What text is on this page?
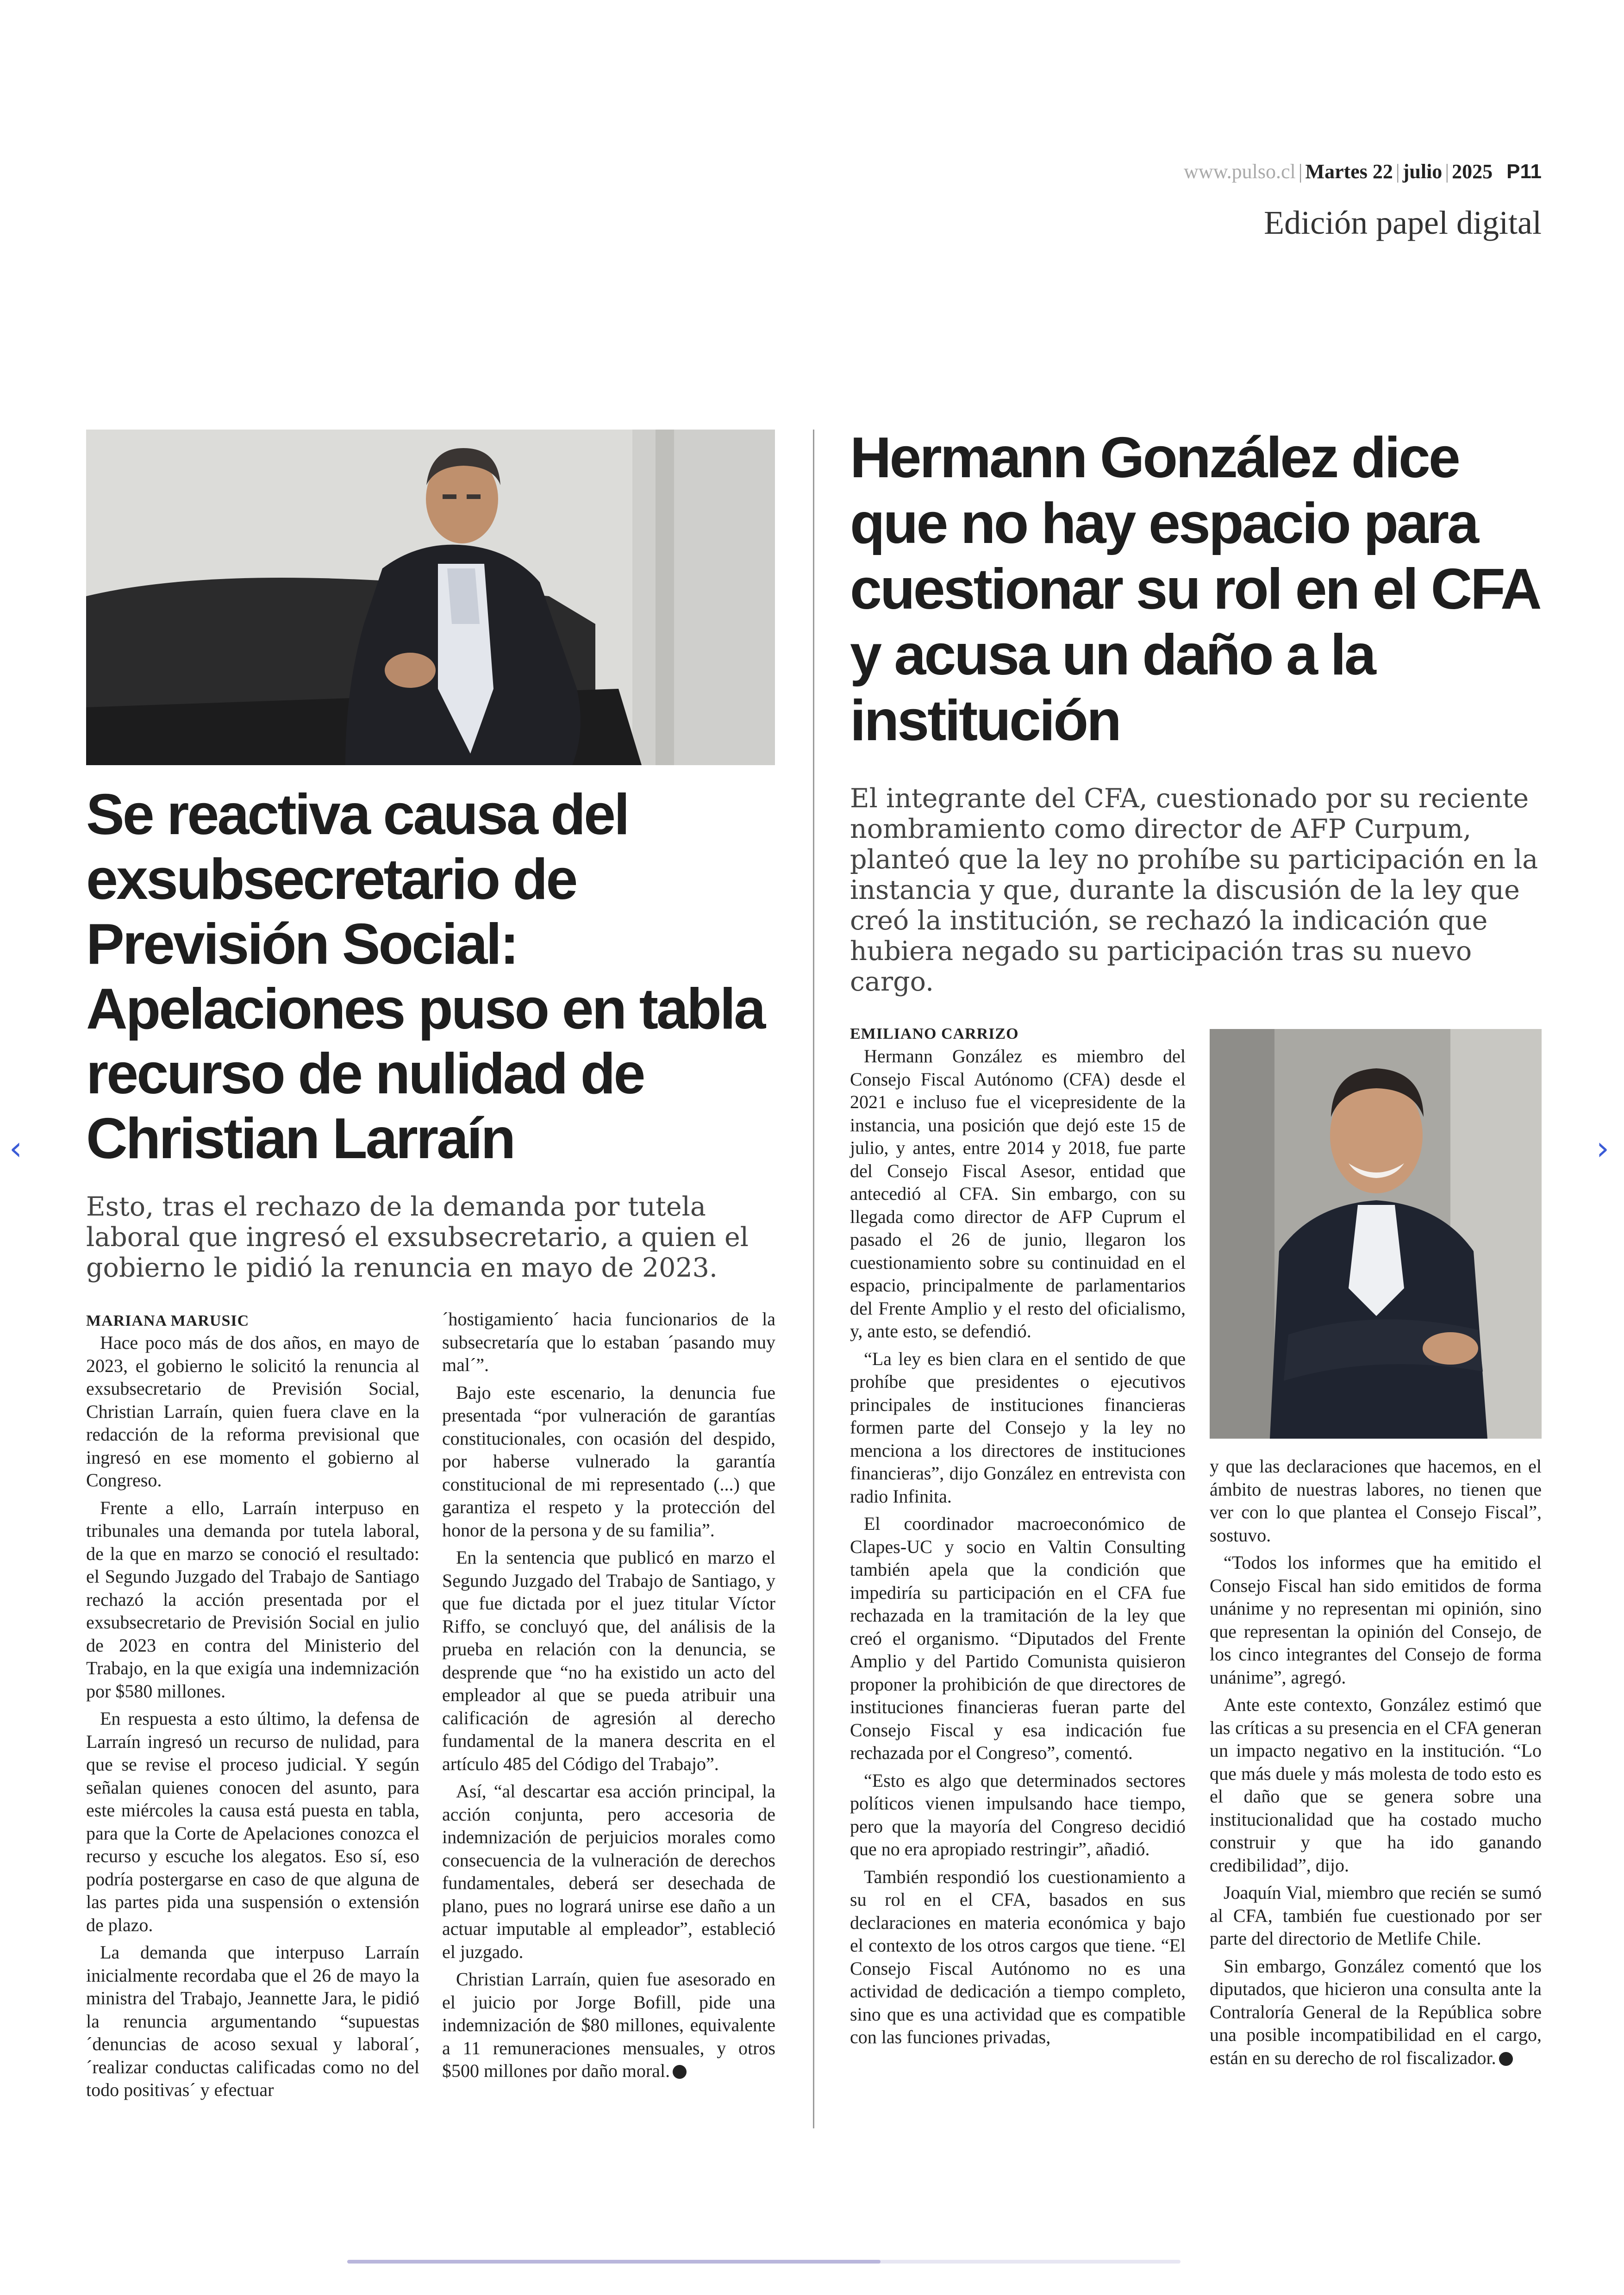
www.pulso.cl | Martes 22 | julio | 2025 P11
Edición papel digital
Se reactiva causa del exsubsecretario de Previsión Social: Apelaciones puso en tabla recurso de nulidad de Christian Larraín
Esto, tras el rechazo de la demanda por tutela laboral que ingresó el exsubsecretario, a quien el gobierno le pidió la renuncia en mayo de 2023.
MARIANA MARUSIC

Hace poco más de dos años, en mayo de 2023, el gobierno le solicitó la renuncia al exsubsecretario de Previsión Social, Christian Larraín, quien fuera clave en la redacción de la reforma previsional que ingresó en ese momento el gobierno al Congreso.

Frente a ello, Larraín interpuso en tribunales una demanda por tutela laboral, de la que en marzo se conoció el resultado: el Segundo Juzgado del Trabajo de Santiago rechazó la acción presentada por el exsubsecretario de Previsión Social en julio de 2023 en contra del Ministerio del Trabajo, en la que exigía una indemnización por $580 millones.

En respuesta a esto último, la defensa de Larraín ingresó un recurso de nulidad, para que se revise el proceso judicial. Y según señalan quienes conocen del asunto, para este miércoles la causa está puesta en tabla, para que la Corte de Apelaciones conozca el recurso y escuche los alegatos. Eso sí, eso podría postergarse en caso de que alguna de las partes pida una suspensión o extensión de plazo.

La demanda que interpuso Larraín inicialmente recordaba que el 26 de mayo la ministra del Trabajo, Jeannette Jara, le pidió la renuncia argumentando “supuestas ´denuncias de acoso sexual y laboral´, ´realizar conductas calificadas como no del todo positivas´ y efectuar

´hostigamiento´ hacia funcionarios de la subsecretaría que lo estaban ´pasando muy mal´”.

Bajo este escenario, la denuncia fue presentada “por vulneración de garantías constitucionales, con ocasión del despido, por haberse vulnerado la garantía constitucional de mi representado (...) que garantiza el respeto y la protección del honor de la persona y de su familia”.

En la sentencia que publicó en marzo el Segundo Juzgado del Trabajo de Santiago, y que fue dictada por el juez titular Víctor Riffo, se concluyó que, del análisis de la prueba en relación con la denuncia, se desprende que “no ha existido un acto del empleador al que se pueda atribuir una calificación de agresión al derecho fundamental de la manera descrita en el artículo 485 del Código del Trabajo”.

Así, “al descartar esa acción principal, la acción conjunta, pero accesoria de indemnización de perjuicios morales como consecuencia de la vulneración de derechos fundamentales, deberá ser desechada de plano, pues no logrará unirse ese daño a un actuar imputable al empleador”, estableció el juzgado.

Christian Larraín, quien fue asesorado en el juicio por Jorge Bofill, pide una indemnización de $80 millones, equivalente a 11 remuneraciones mensuales, y otros $500 millones por daño moral.

Hermann González dice que no hay espacio para cuestionar su rol en el CFA y acusa un daño a la institución
El integrante del CFA, cuestionado por su reciente nombramiento como director de AFP Curpum, planteó que la ley no prohíbe su participación en la instancia y que, durante la discusión de la ley que creó la institución, se rechazó la indicación que hubiera negado su participación tras su nuevo cargo.
EMILIANO CARRIZO

Hermann González es miembro del Consejo Fiscal Autónomo (CFA) desde el 2021 e incluso fue el vicepresidente de la instancia, una posición que dejó este 15 de julio, y antes, entre 2014 y 2018, fue parte del Consejo Fiscal Asesor, entidad que antecedió al CFA. Sin embargo, con su llegada como director de AFP Cuprum el pasado el 26 de junio, llegaron los cuestionamiento sobre su continuidad en el espacio, principalmente de parlamentarios del Frente Amplio y el resto del oficialismo, y, ante esto, se defendió.

“La ley es bien clara en el sentido de que prohíbe que presidentes o ejecutivos principales de instituciones financieras formen parte del Consejo y la ley no menciona a los directores de instituciones financieras”, dijo González en entrevista con radio Infinita.

El coordinador macroeconómico de Clapes-UC y socio en Valtin Consulting también apela que la condición que impediría su participación en el CFA fue rechazada en la tramitación de la ley que creó el organismo. “Diputados del Frente Amplio y del Partido Comunista quisieron proponer la prohibición de que directores de instituciones financieras fueran parte del Consejo Fiscal y esa indicación fue rechazada por el Congreso”, comentó.

“Esto es algo que determinados sectores políticos vienen impulsando hace tiempo, pero que la mayoría del Congreso decidió que no era apropiado restringir”, añadió.

También respondió los cuestionamiento a su rol en el CFA, basados en sus declaraciones en materia económica y bajo el contexto de los otros cargos que tiene. “El Consejo Fiscal Autónomo no es una actividad de dedicación a tiempo completo, sino que es una actividad que es compatible con las funciones privadas,

y que las declaraciones que hacemos, en el ámbito de nuestras labores, no tienen que ver con lo que plantea el Consejo Fiscal”, sostuvo.

“Todos los informes que ha emitido el Consejo Fiscal han sido emitidos de forma unánime y no representan mi opinión, sino que representan la opinión del Consejo, de los cinco integrantes del Consejo de forma unánime”, agregó.

Ante este contexto, González estimó que las críticas a su presencia en el CFA generan un impacto negativo en la institución. “Lo que más duele y más molesta de todo esto es el daño que se genera sobre una institucionalidad que ha costado mucho construir y que ha ido ganando credibilidad”, dijo.

Joaquín Vial, miembro que recién se sumó al CFA, también fue cuestionado por ser parte del directorio de Metlife Chile.

Sin embargo, González comentó que los diputados, que hicieron una consulta ante la Contraloría General de la República sobre una posible incompatibilidad en el cargo, están en su derecho de rol fiscalizador.

‹	›
